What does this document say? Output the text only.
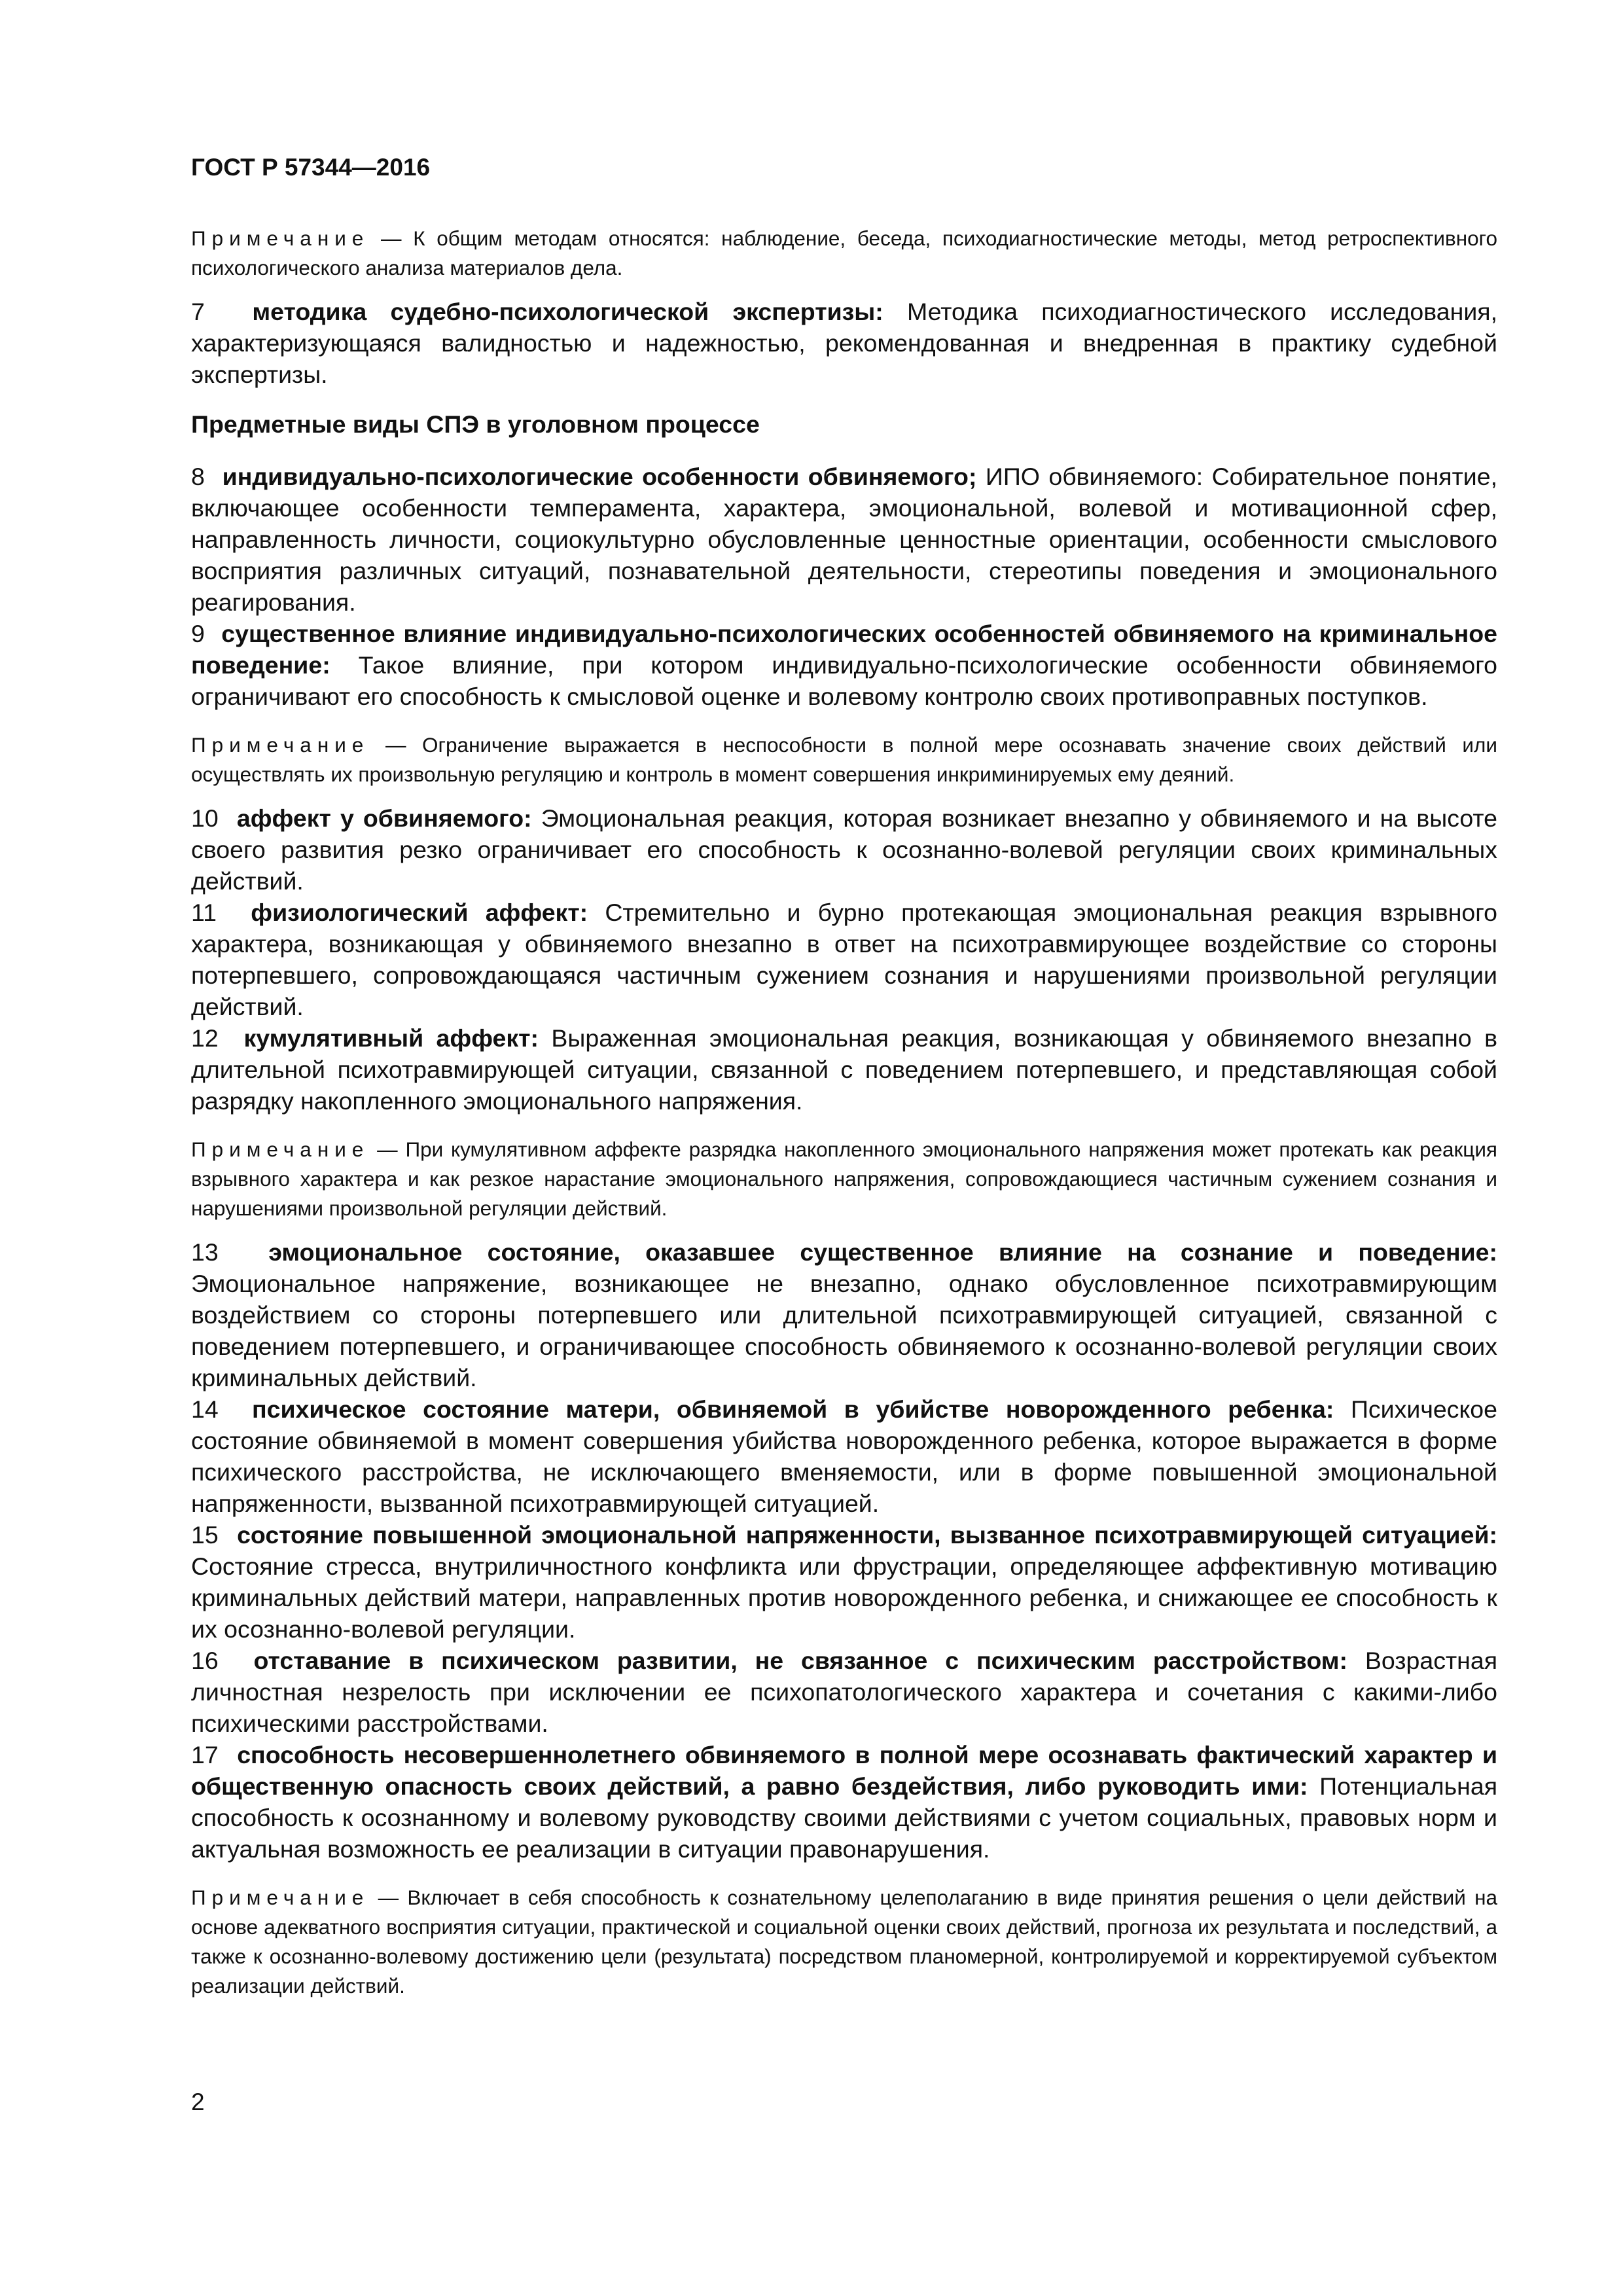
ГОСТ Р 57344—2016

Примечание — К общим методам относятся: наблюдение, беседа, психодиагностические методы, метод ретроспективного психологического анализа материалов дела.

7 методика судебно-психологической экспертизы: Методика психодиагностического исследования, характеризующаяся валидностью и надежностью, рекомендованная и внедренная в практику судебной экспертизы.

Предметные виды СПЭ в уголовном процессе

8 индивидуально-психологические особенности обвиняемого; ИПО обвиняемого: Собирательное понятие, включающее особенности темперамента, характера, эмоциональной, волевой и мотивационной сфер, направленность личности, социокультурно обусловленные ценностные ориентации, особенности смыслового восприятия различных ситуаций, познавательной деятельности, стереотипы поведения и эмоционального реагирования.

9 существенное влияние индивидуально-психологических особенностей обвиняемого на криминальное поведение: Такое влияние, при котором индивидуально-психологические особенности обвиняемого ограничивают его способность к смысловой оценке и волевому контролю своих противоправных поступков.

Примечание — Ограничение выражается в неспособности в полной мере осознавать значение своих действий или осуществлять их произвольную регуляцию и контроль в момент совершения инкриминируемых ему деяний.

10 аффект у обвиняемого: Эмоциональная реакция, которая возникает внезапно у обвиняемого и на высоте своего развития резко ограничивает его способность к осознанно-волевой регуляции своих криминальных действий.

11 физиологический аффект: Стремительно и бурно протекающая эмоциональная реакция взрывного характера, возникающая у обвиняемого внезапно в ответ на психотравмирующее воздействие со стороны потерпевшего, сопровождающаяся частичным сужением сознания и нарушениями произвольной регуляции действий.

12 кумулятивный аффект: Выраженная эмоциональная реакция, возникающая у обвиняемого внезапно в длительной психотравмирующей ситуации, связанной с поведением потерпевшего, и представляющая собой разрядку накопленного эмоционального напряжения.

Примечание — При кумулятивном аффекте разрядка накопленного эмоционального напряжения может протекать как реакция взрывного характера и как резкое нарастание эмоционального напряжения, сопровождающиеся частичным сужением сознания и нарушениями произвольной регуляции действий.

13 эмоциональное состояние, оказавшее существенное влияние на сознание и поведение: Эмоциональное напряжение, возникающее не внезапно, однако обусловленное психотравмирующим воздействием со стороны потерпевшего или длительной психотравмирующей ситуацией, связанной с поведением потерпевшего, и ограничивающее способность обвиняемого к осознанно-волевой регуляции своих криминальных действий.

14 психическое состояние матери, обвиняемой в убийстве новорожденного ребенка: Психическое состояние обвиняемой в момент совершения убийства новорожденного ребенка, которое выражается в форме психического расстройства, не исключающего вменяемости, или в форме повышенной эмоциональной напряженности, вызванной психотравмирующей ситуацией.

15 состояние повышенной эмоциональной напряженности, вызванное психотравмирующей ситуацией: Состояние стресса, внутриличностного конфликта или фрустрации, определяющее аффективную мотивацию криминальных действий матери, направленных против новорожденного ребенка, и снижающее ее способность к их осознанно-волевой регуляции.

16 отставание в психическом развитии, не связанное с психическим расстройством: Возрастная личностная незрелость при исключении ее психопатологического характера и сочетания с какими-либо психическими расстройствами.

17 способность несовершеннолетнего обвиняемого в полной мере осознавать фактический характер и общественную опасность своих действий, а равно бездействия, либо руководить ими: Потенциальная способность к осознанному и волевому руководству своими действиями с учетом социальных, правовых норм и актуальная возможность ее реализации в ситуации правонарушения.

Примечание — Включает в себя способность к сознательному целеполаганию в виде принятия решения о цели действий на основе адекватного восприятия ситуации, практической и социальной оценки своих действий, прогноза их результата и последствий, а также к осознанно-волевому достижению цели (результата) посредством планомерной, контролируемой и корректируемой субъектом реализации действий.

2
